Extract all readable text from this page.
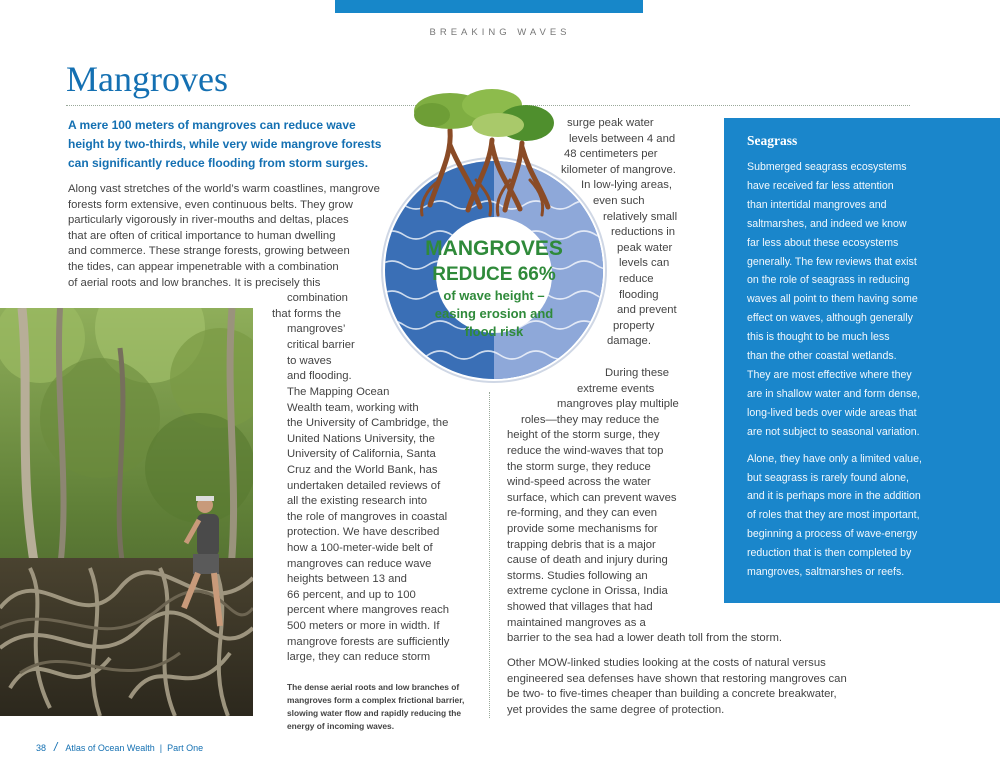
BREAKING WAVES
Mangroves
A mere 100 meters of mangroves can reduce wave height by two-thirds, while very wide mangrove forests can significantly reduce flooding from storm surges.
Along vast stretches of the world’s warm coastlines, mangrove
forests form extensive, even continuous belts. They grow
particularly vigorously in river-mouths and deltas, places
that are often of critical importance to human dwelling
and commerce. These strange forests, growing between
the tides, can appear impenetrable with a combination
of aerial roots and low branches. It is precisely this
combination
that forms the
mangroves’
critical barrier
to waves
and flooding.
The Mapping Ocean
Wealth team, working with
the University of Cambridge, the
United Nations University, the
University of California, Santa
Cruz and the World Bank, has
undertaken detailed reviews of
all the existing research into
the role of mangroves in coastal
protection. We have described
how a 100-meter-wide belt of
mangroves can reduce wave
heights between 13 and
66 percent, and up to 100
percent where mangroves reach
500 meters or more in width. If
mangrove forests are sufficiently
large, they can reduce storm
surge peak water
levels between 4 and
48 centimeters per
kilometer of mangrove.
In low-lying areas,
even such
relatively small
reductions in
peak water
levels can
reduce
flooding
and prevent
property
damage.
During these
extreme events
mangroves play multiple
roles—they may reduce the
height of the storm surge, they
reduce the wind-waves that top
the storm surge, they reduce
wind-speed across the water
surface, which can prevent waves
re-forming, and they can even
provide some mechanisms for
trapping debris that is a major
cause of death and injury during
storms. Studies following an
extreme cyclone in Orissa, India
showed that villages that had
maintained mangroves as a
barrier to the sea had a lower death toll from the storm.
Other MOW-linked studies looking at the costs of natural versus
engineered sea defenses have shown that restoring mangroves can
be two- to five-times cheaper than building a concrete breakwater,
yet provides the same degree of protection.
The dense aerial roots and low branches of mangroves form a complex frictional barrier, slowing water flow and rapidly reducing the energy of incoming waves.
MANGROVES
REDUCE 66%
of wave height –
easing erosion and
flood risk
Seagrass
Submerged seagrass ecosystems
have received far less attention
than intertidal mangroves and
saltmarshes, and indeed we know
far less about these ecosystems
generally. The few reviews that exist
on the role of seagrass in reducing
waves all point to them having some
effect on waves, although generally
this is thought to be much less
than the other coastal wetlands.
They are most effective where they
are in shallow water and form dense,
long-lived beds over wide areas that
are not subject to seasonal variation.
Alone, they have only a limited value,
but seagrass is rarely found alone,
and it is perhaps more in the addition
of roles that they are most important,
beginning a process of wave-energy
reduction that is then completed by
mangroves, saltmarshes or reefs.
38 / Atlas of Ocean Wealth  |  Part One
